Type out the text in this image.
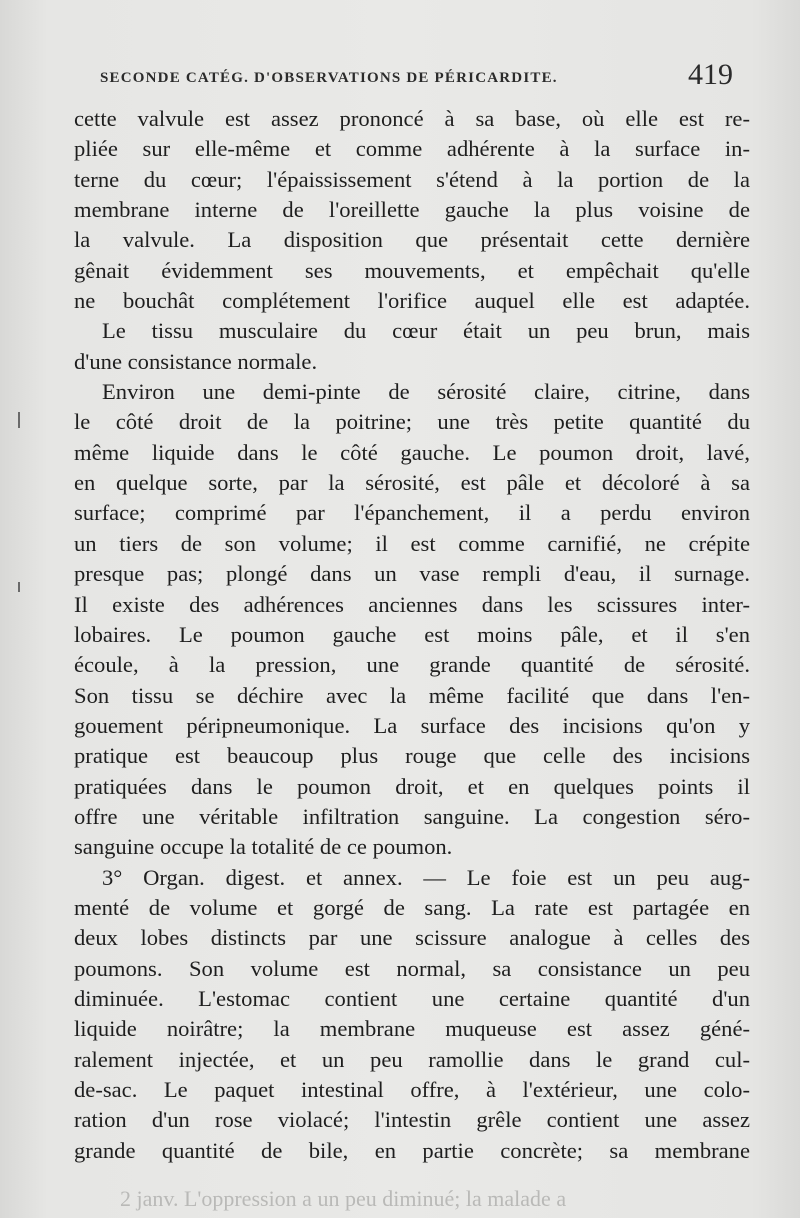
SECONDE CATÉG. D'OBSERVATIONS DE PÉRICARDITE.	419
cette valvule est assez prononcé à sa base, où elle est re-
pliée sur elle-même et comme adhérente à la surface in-
terne du cœur; l'épaississement s'étend à la portion de la
membrane interne de l'oreillette gauche la plus voisine de
la valvule. La disposition que présentait cette dernière
gênait évidemment ses mouvements, et empêchait qu'elle
ne bouchât complétement l'orifice auquel elle est adaptée.
Le tissu musculaire du cœur était un peu brun, mais
d'une consistance normale.
Environ une demi-pinte de sérosité claire, citrine, dans
le côté droit de la poitrine; une très petite quantité du
même liquide dans le côté gauche. Le poumon droit, lavé,
en quelque sorte, par la sérosité, est pâle et décoloré à sa
surface; comprimé par l'épanchement, il a perdu environ
un tiers de son volume; il est comme carnifié, ne crépite
presque pas; plongé dans un vase rempli d'eau, il surnage.
Il existe des adhérences anciennes dans les scissures inter-
lobaires. Le poumon gauche est moins pâle, et il s'en
écoule, à la pression, une grande quantité de sérosité.
Son tissu se déchire avec la même facilité que dans l'en-
gouement péripneumonique. La surface des incisions qu'on y
pratique est beaucoup plus rouge que celle des incisions
pratiquées dans le poumon droit, et en quelques points il
offre une véritable infiltration sanguine. La congestion séro-
sanguine occupe la totalité de ce poumon.
3° Organ. digest. et annex. — Le foie est un peu aug-
menté de volume et gorgé de sang. La rate est partagée en
deux lobes distincts par une scissure analogue à celles des
poumons. Son volume est normal, sa consistance un peu
diminuée. L'estomac contient une certaine quantité d'un
liquide noirâtre; la membrane muqueuse est assez géné-
ralement injectée, et un peu ramollie dans le grand cul-
de-sac. Le paquet intestinal offre, à l'extérieur, une colo-
ration d'un rose violacé; l'intestin grêle contient une assez
grande quantité de bile, en partie concrète; sa membrane
2 janv. L'oppression a un peu diminué; la malade a
